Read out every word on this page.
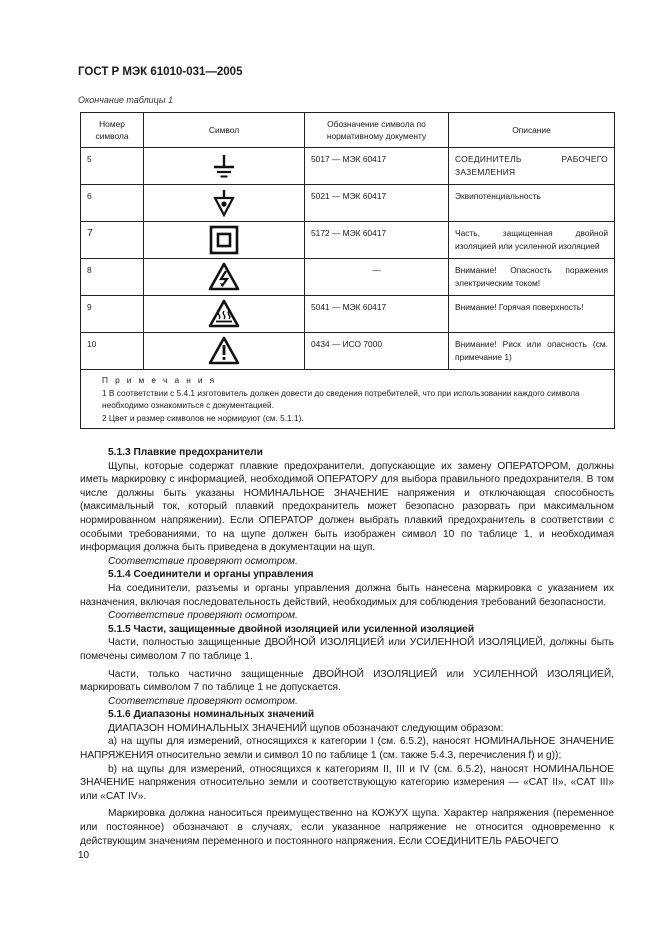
ГОСТ Р МЭК 61010-031—2005
Окончание таблицы 1
Номер символа	Символ	Обозначение символа по нормативному документу	Описание
5		5017 — МЭК 60417	СОЕДИНИТЕЛЬ РАБОЧЕГО ЗАЗЕМЛЕНИЯ
6		5021 — МЭК 60417	Эквипотенциальность
7		5172 — МЭК 60417	Часть, защищенная двойной изоляцией или усиленной изоляцией
8		—	Внимание! Опасность поражения электрическим током!
9		5041 — МЭК 60417	Внимание! Горячая поверхность!
10		0434 — ИСО 7000	Внимание! Риск или опасность (см. примечание 1)

П р и м е ч а н и я
1 В соответствии с 5.4.1 изготовитель должен довести до сведения потребителей, что при использовании каждого символа необходимо ознакомиться с документацией.
2 Цвет и размер символов не нормируют (см. 5.1.1).			

5.1.3 Плавкие предохранители

Щупы, которые содержат плавкие предохранители, допускающие их замену ОПЕРАТОРОМ, должны иметь маркировку с информацией, необходимой ОПЕРАТОРУ для выбора правильного предохранителя. В том числе должны быть указаны НОМИНАЛЬНОЕ ЗНАЧЕНИЕ напряжения и отключающая способность (максимальный ток, который плавкий предохранитель может безопасно разорвать при максимальном нормированном напряжении). Если ОПЕРАТОР должен выбрать плавкий предохранитель в соответствии с особыми требованиями, то на щупе должен быть изображен символ 10 по таблице 1, и необходимая информация должна быть приведена в документации на щуп.

Соответствие проверяют осмотром.

5.1.4 Соединители и органы управления

На соединители, разъемы и органы управления должна быть нанесена маркировка с указанием их назначения, включая последовательность действий, необходимых для соблюдения требований безопасности.

Соответствие проверяют осмотром.

5.1.5 Части, защищенные двойной изоляцией или усиленной изоляцией

Части, полностью защищенные ДВОЙНОЙ ИЗОЛЯЦИЕЙ или УСИЛЕННОЙ ИЗОЛЯЦИЕЙ, должны быть помечены символом 7 по таблице 1.

Части, только частично защищенные ДВОЙНОЙ ИЗОЛЯЦИЕЙ или УСИЛЕННОЙ ИЗОЛЯЦИЕЙ, маркировать символом 7 по таблице 1 не допускается.

Соответствие проверяют осмотром.

5.1.6 Диапазоны номинальных значений

ДИАПАЗОН НОМИНАЛЬНЫХ ЗНАЧЕНИЙ щупов обозначают следующим образом:

а) на щупы для измерений, относящихся к категории I (см. 6.5.2), наносят НОМИНАЛЬНОЕ ЗНАЧЕНИЕ НАПРЯЖЕНИЯ относительно земли и символ 10 по таблице 1 (см. также 5.4.3, перечисления f) и g));

b) на щупы для измерений, относящихся к категориям II, III и IV (см. 6.5.2), наносят НОМИНАЛЬНОЕ ЗНАЧЕНИЕ напряжения относительно земли и соответствующую категорию измерения — «CAT II», «CAT III» или «CAT IV».

Маркировка должна наноситься преимущественно на КОЖУХ щупа. Характер напряжения (переменное или постоянное) обозначают в случаях, если указанное напряжение не относится одновременно к действующим значениям переменного и постоянного напряжения. Если СОЕДИНИТЕЛЬ РАБОЧЕГО

10
